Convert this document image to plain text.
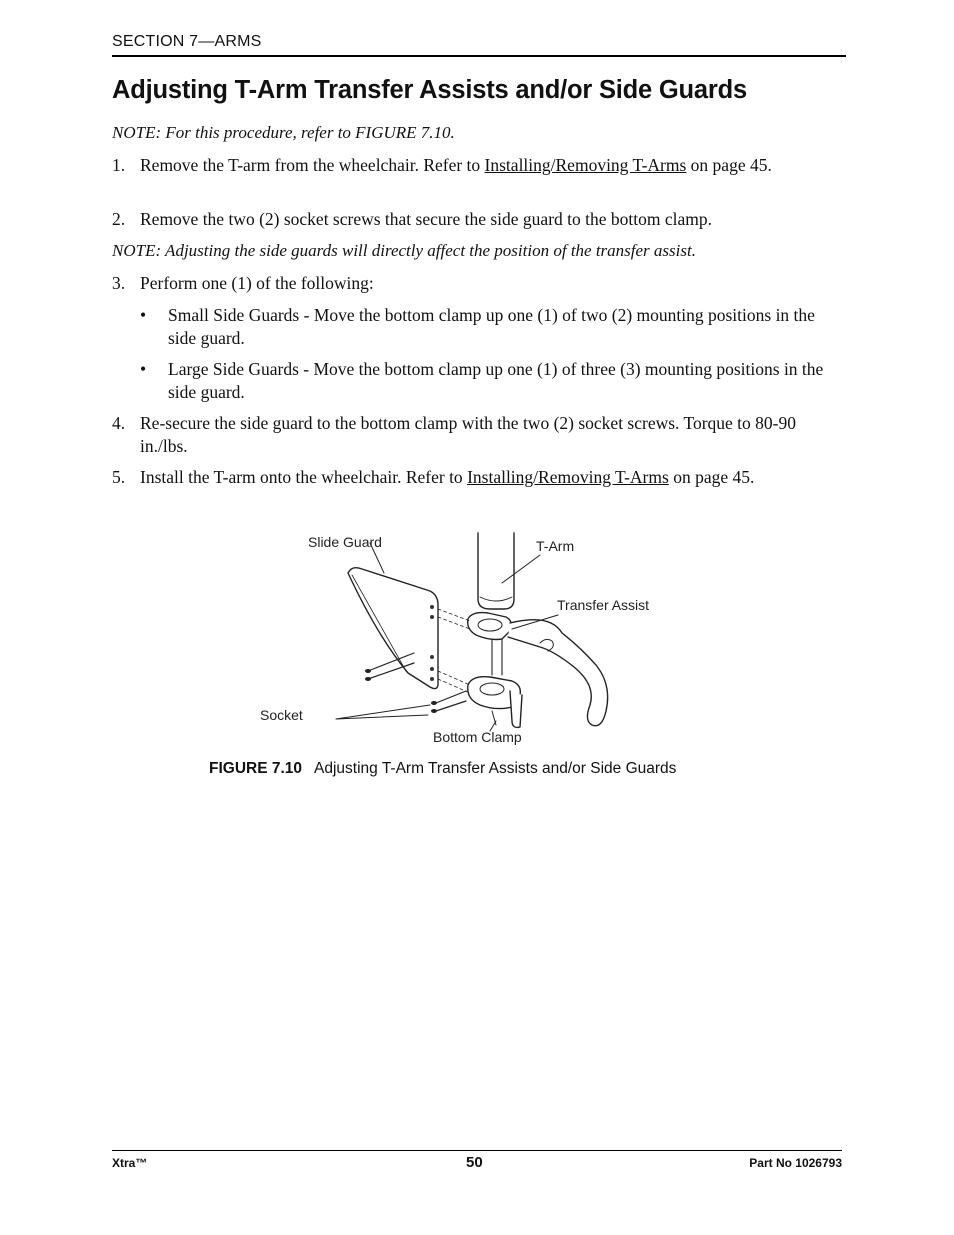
SECTION 7—ARMS
Adjusting T-Arm Transfer Assists and/or Side Guards
NOTE: For this procedure, refer to FIGURE 7.10.
1. Remove the T-arm from the wheelchair. Refer to Installing/Removing T-Arms on page 45.
2. Remove the two (2) socket screws that secure the side guard to the bottom clamp.
NOTE: Adjusting the side guards will directly affect the position of the transfer assist.
3. Perform one (1) of the following:
• Small Side Guards - Move the bottom clamp up one (1) of two (2) mounting positions in the side guard.
• Large Side Guards - Move the bottom clamp up one (1) of three (3) mounting positions in the side guard.
4. Re-secure the side guard to the bottom clamp with the two (2) socket screws. Torque to 80-90 in./lbs.
5. Install the T-arm onto the wheelchair. Refer to Installing/Removing T-Arms on page 45.
Slide Guard	T-Arm
Transfer Assist
Socket
Bottom Clamp
FIGURE 7.10 Adjusting T-Arm Transfer Assists and/or Side Guards
Xtra™	50	Part No 1026793
